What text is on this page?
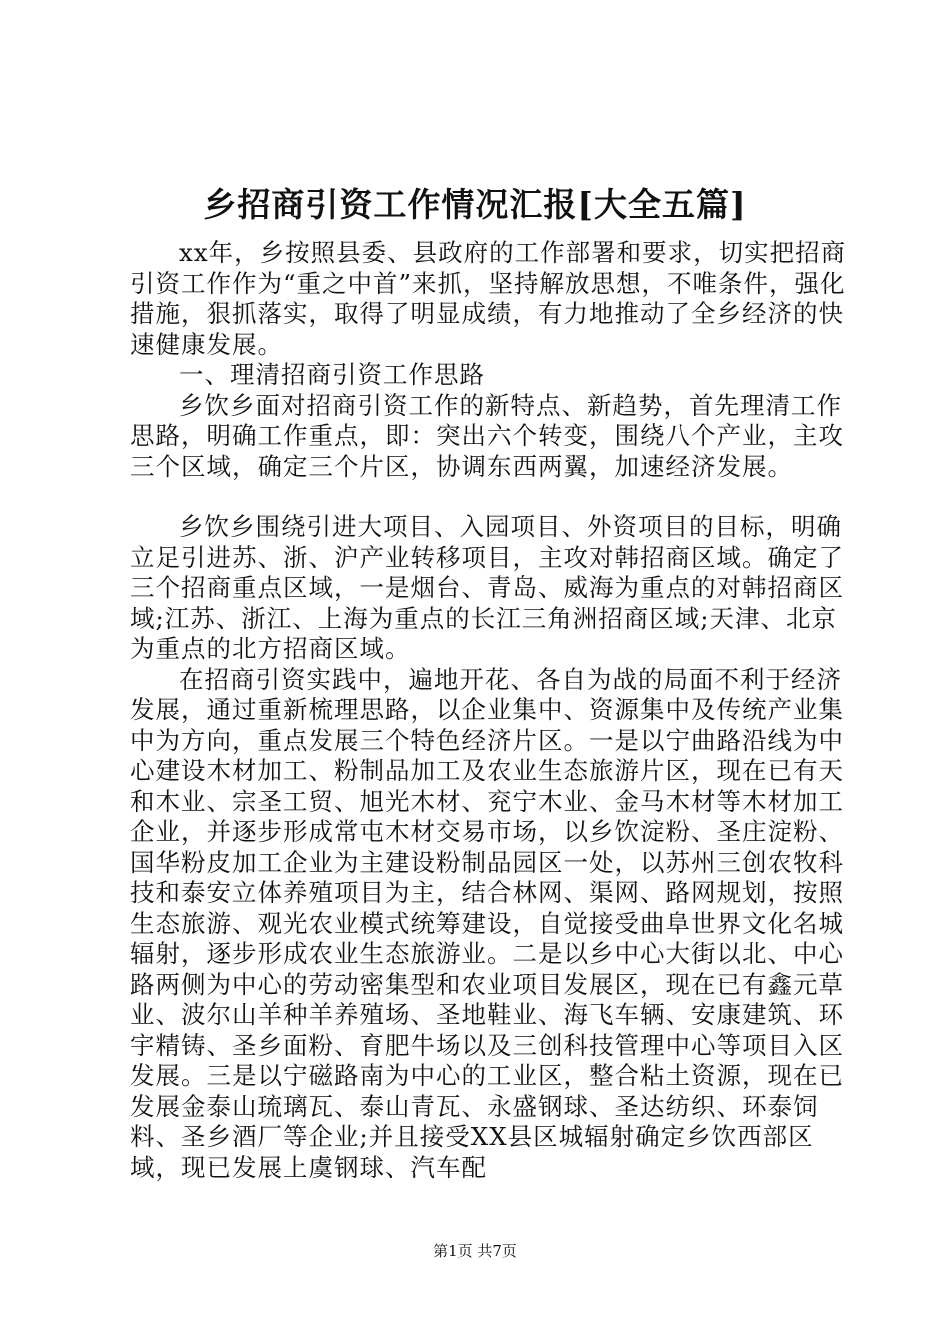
乡招商引资工作情况汇报[大全五篇]

xx年，乡按照县委、县政府的工作部署和要求，切实把招商引资工作作为“重之中首”来抓，坚持解放思想，不唯条件，强化措施，狠抓落实，取得了明显成绩，有力地推动了全乡经济的快速健康发展。

一、理清招商引资工作思路

乡饮乡面对招商引资工作的新特点、新趋势，首先理清工作思路，明确工作重点，即：突出六个转变，围绕八个产业，主攻三个区域，确定三个片区，协调东西两翼，加速经济发展。

乡饮乡围绕引进大项目、入园项目、外资项目的目标，明确立足引进苏、浙、沪产业转移项目，主攻对韩招商区域。确定了三个招商重点区域，一是烟台、青岛、威海为重点的对韩招商区域;江苏、浙江、上海为重点的长江三角洲招商区域;天津、北京为重点的北方招商区域。

在招商引资实践中，遍地开花、各自为战的局面不利于经济发展，通过重新梳理思路，以企业集中、资源集中及传统产业集中为方向，重点发展三个特色经济片区。一是以宁曲路沿线为中心建设木材加工、粉制品加工及农业生态旅游片区，现在已有天和木业、宗圣工贸、旭光木材、兖宁木业、金马木材等木材加工企业，并逐步形成常屯木材交易市场，以乡饮淀粉、圣庄淀粉、国华粉皮加工企业为主建设粉制品园区一处，以苏州三创农牧科技和泰安立体养殖项目为主，结合林网、渠网、路网规划，按照生态旅游、观光农业模式统筹建设，自觉接受曲阜世界文化名城辐射，逐步形成农业生态旅游业。二是以乡中心大街以北、中心路两侧为中心的劳动密集型和农业项目发展区，现在已有鑫元草业、波尔山羊种羊养殖场、圣地鞋业、海飞车辆、安康建筑、环宇精铸、圣乡面粉、育肥牛场以及三创科技管理中心等项目入区发展。三是以宁磁路南为中心的工业区，整合粘土资源，现在已发展金泰山琉璃瓦、泰山青瓦、永盛钢球、圣达纺织、环泰饲料、圣乡酒厂等企业;并且接受XX县区城辐射确定乡饮西部区域，现已发展上虞钢球、汽车配

第1页 共7页
